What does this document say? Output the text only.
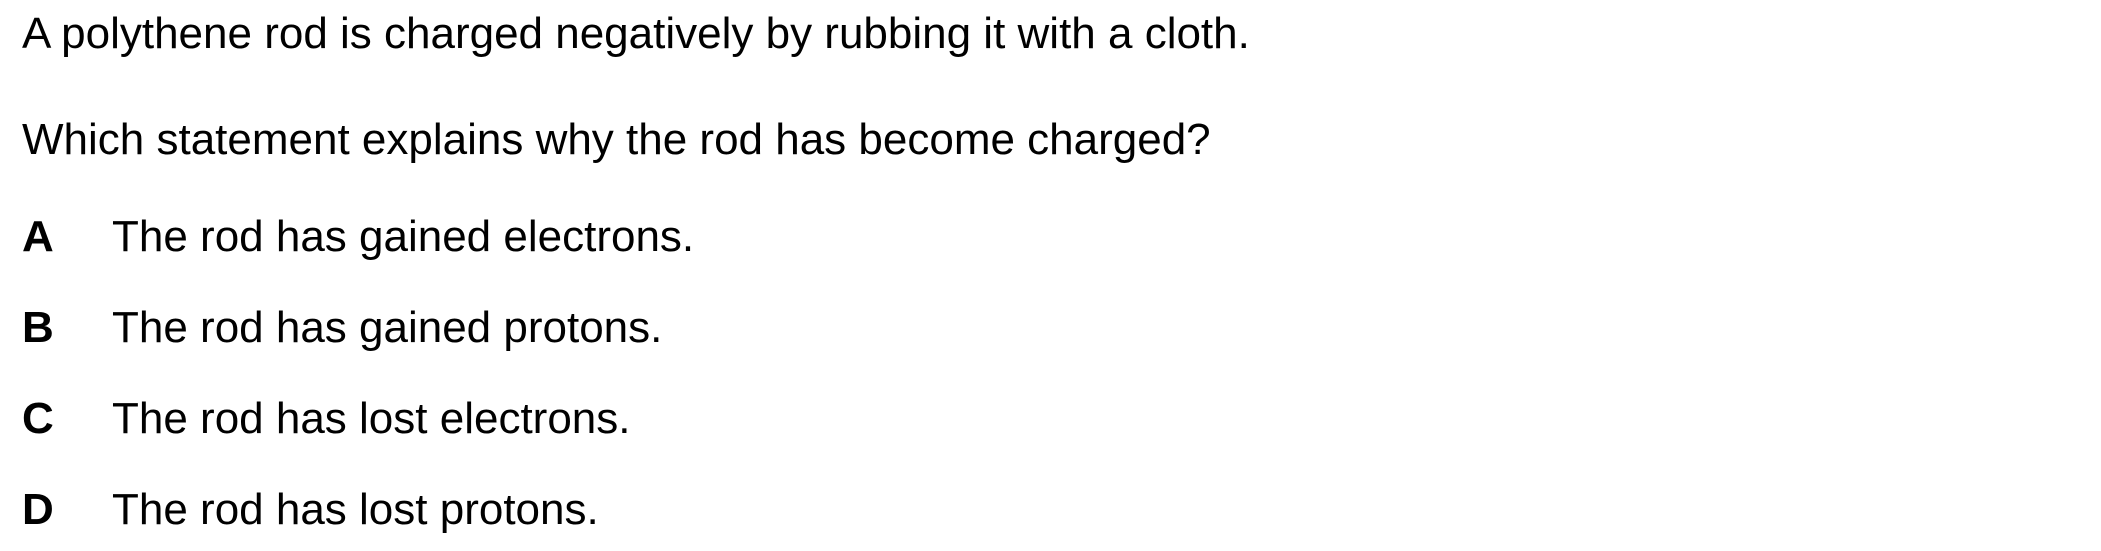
A polythene rod is charged negatively by rubbing it with a cloth.
Which statement explains why the rod has become charged?
A The rod has gained electrons.
B The rod has gained protons.
C The rod has lost electrons.
D The rod has lost protons.
